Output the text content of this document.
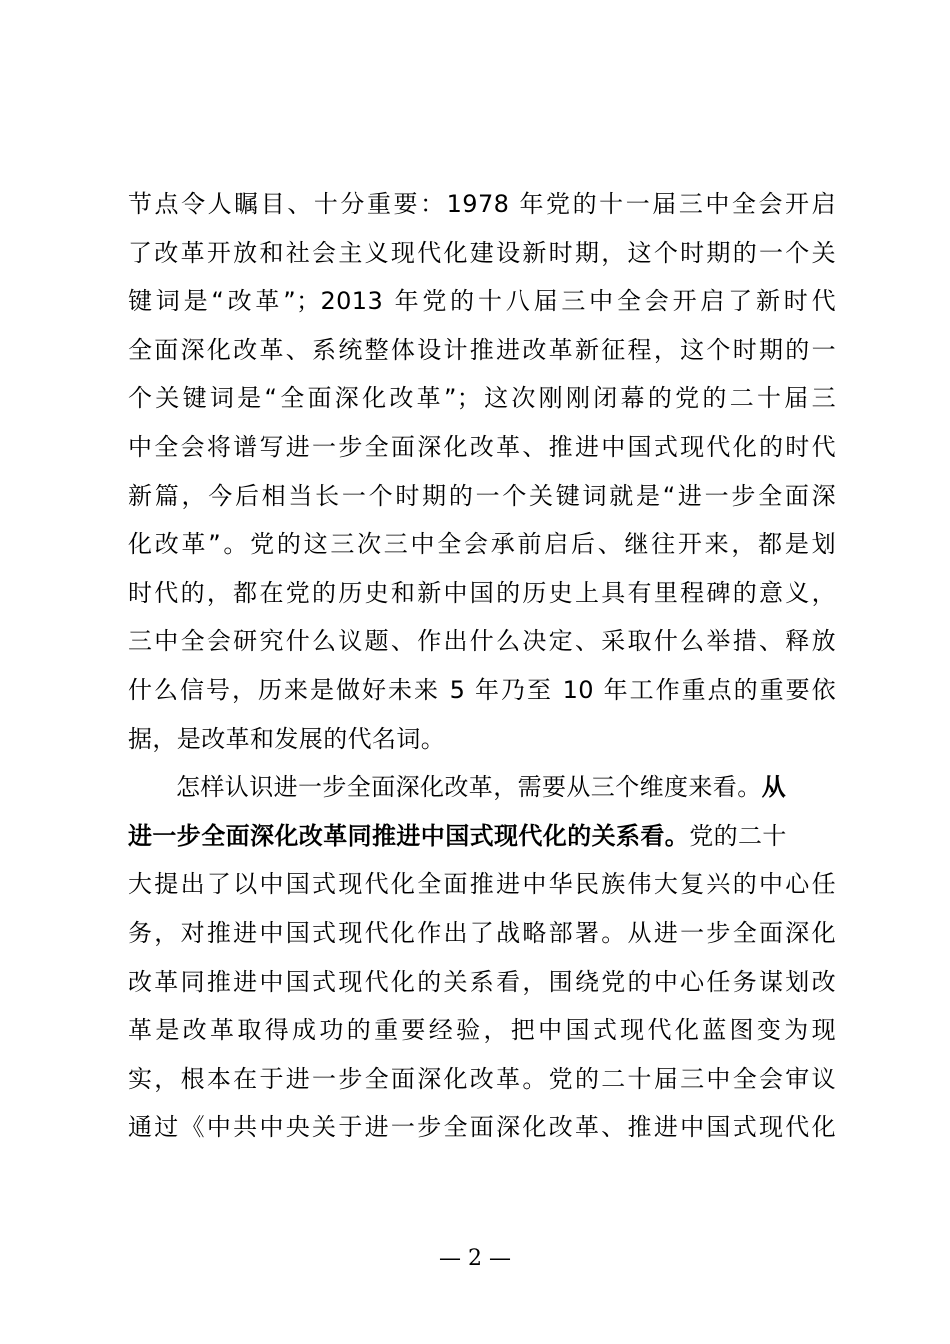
节点令人瞩目、十分重要：1978 年党的十一届三中全会开启
了改革开放和社会主义现代化建设新时期，这个时期的一个关
键词是“改革”；2013 年党的十八届三中全会开启了新时代
全面深化改革、系统整体设计推进改革新征程，这个时期的一
个关键词是“全面深化改革”；这次刚刚闭幕的党的二十届三
中全会将谱写进一步全面深化改革、推进中国式现代化的时代
新篇，今后相当长一个时期的一个关键词就是“进一步全面深
化改革”。党的这三次三中全会承前启后、继往开来，都是划
时代的，都在党的历史和新中国的历史上具有里程碑的意义，
三中全会研究什么议题、作出什么决定、采取什么举措、释放
什么信号，历来是做好未来 5 年乃至 10 年工作重点的重要依
据，是改革和发展的代名词。
怎样认识进一步全面深化改革，需要从三个维度来看。从
进一步全面深化改革同推进中国式现代化的关系看。党的二十
大提出了以中国式现代化全面推进中华民族伟大复兴的中心任
务，对推进中国式现代化作出了战略部署。从进一步全面深化
改革同推进中国式现代化的关系看，围绕党的中心任务谋划改
革是改革取得成功的重要经验，把中国式现代化蓝图变为现
实，根本在于进一步全面深化改革。党的二十届三中全会审议
通过《中共中央关于进一步全面深化改革、推进中国式现代化
— 2 —
